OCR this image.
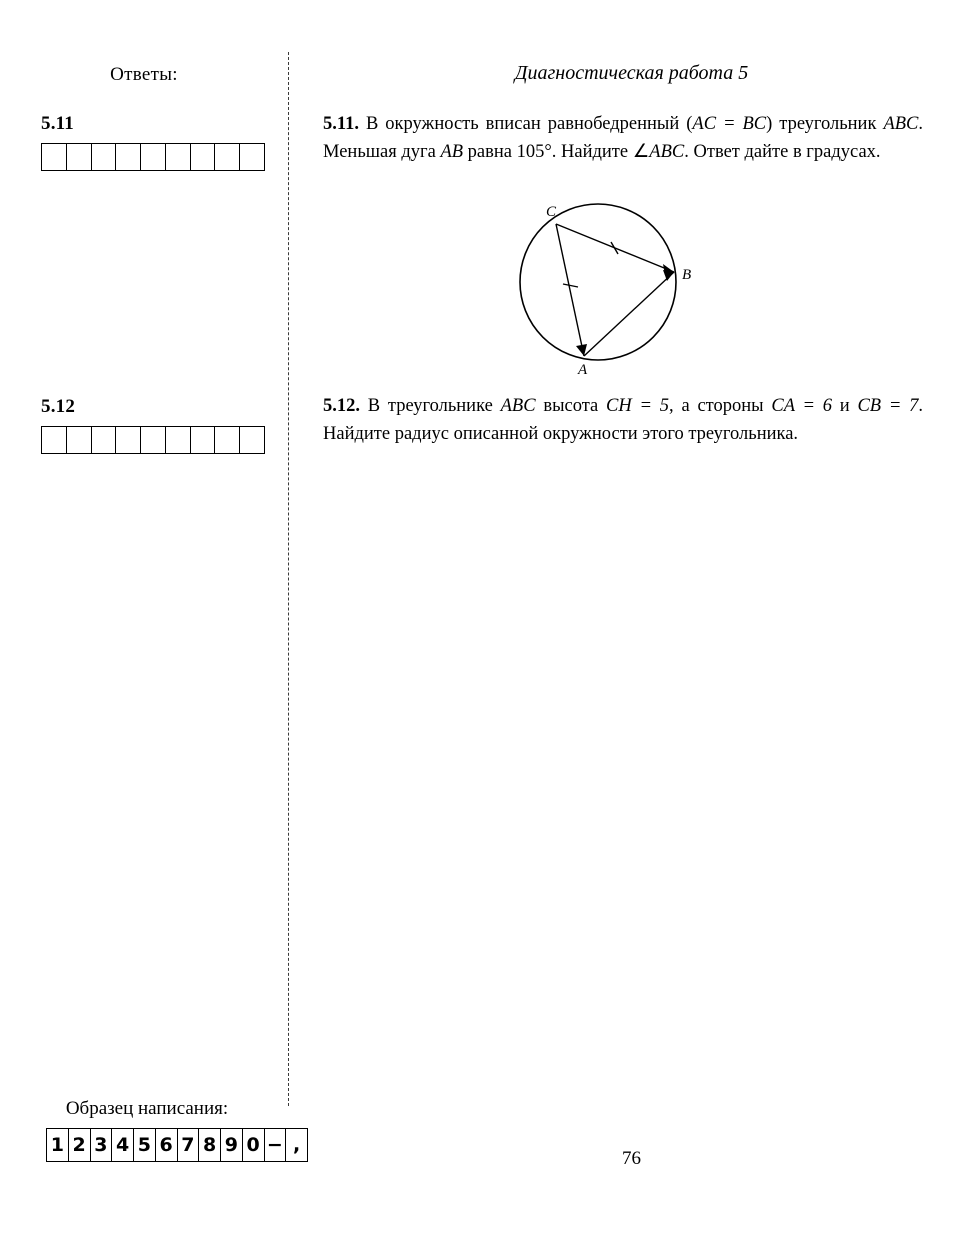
Ответы:
5.11
5.12
Образец написания:
1 2 3 4 5 6 7 8 9 0 − ,
Диагностическая работа 5
5.11. В окружность вписан равнобедренный (AC = BC) треугольник ABC. Меньшая дуга AB равна 105°. Найдите ∠ABC. Ответ дайте в градусах.
C
B
A
5.12. В треугольнике ABC высота CH = 5, а стороны CA = 6 и CB = 7. Найдите радиус описанной окружности этого треугольника.
76
